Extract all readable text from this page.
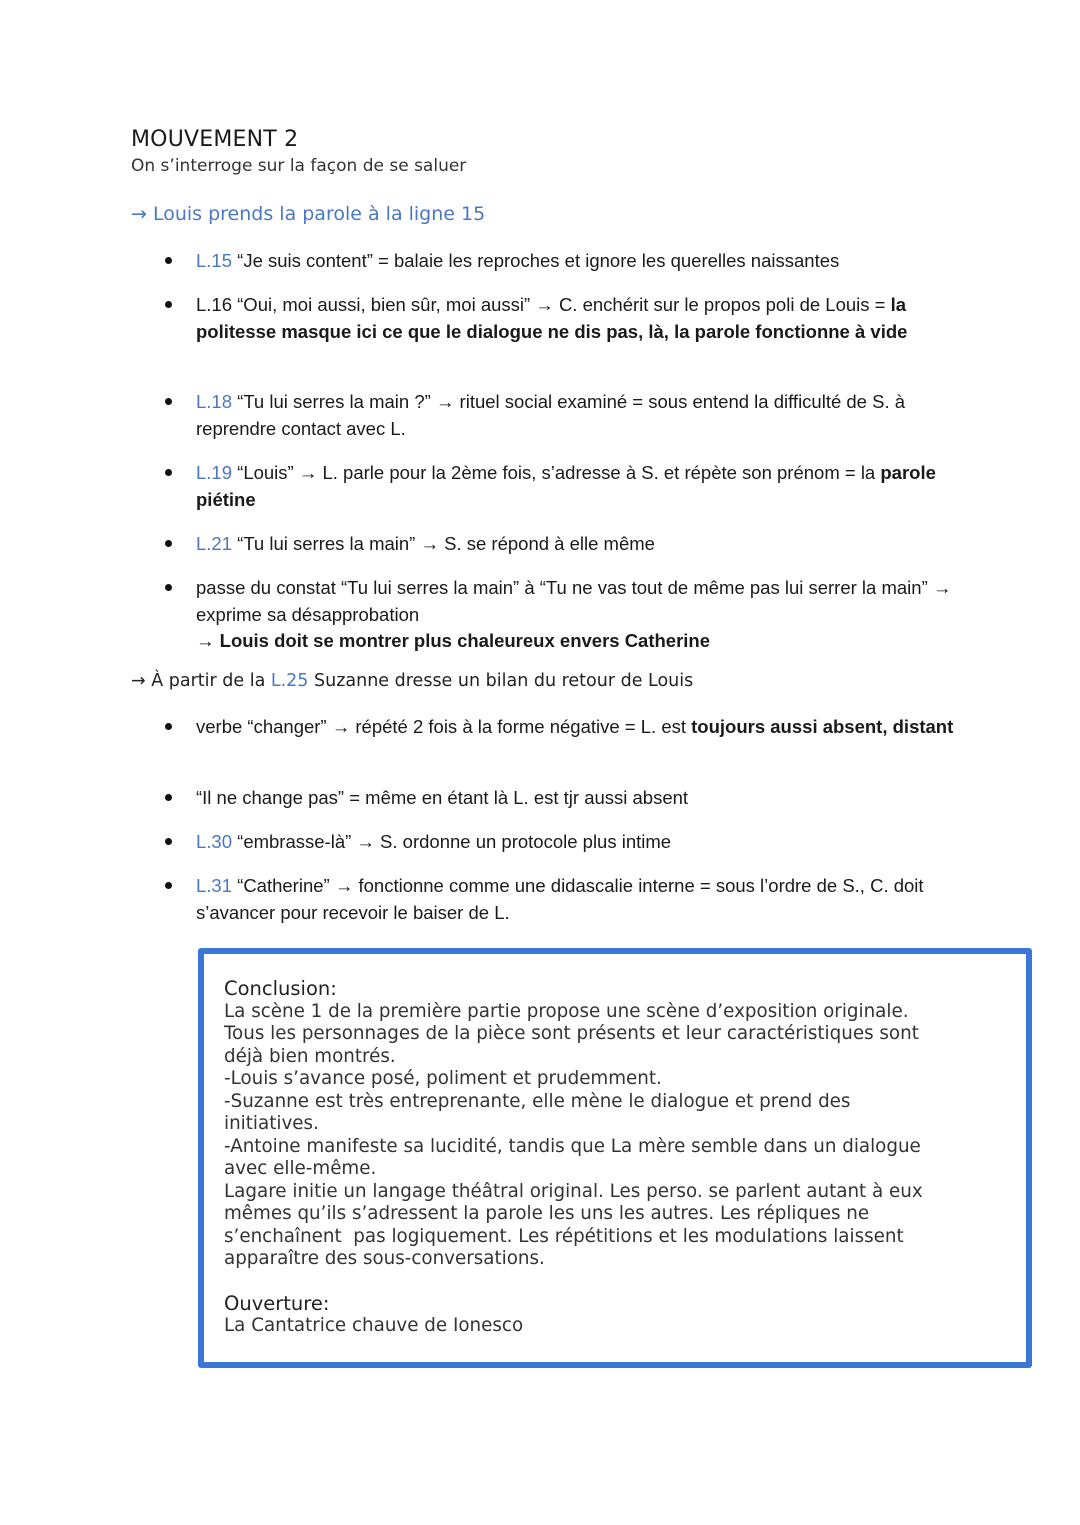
MOUVEMENT 2
On s’interroge sur la façon de se saluer
→ Louis prends la parole à la ligne 15
L.15 “Je suis content” = balaie les reproches et ignore les querelles naissantes
L.16 “Oui, moi aussi, bien sûr, moi aussi” → C. enchérit sur le propos poli de Louis = la politesse masque ici ce que le dialogue ne dis pas, là, la parole fonctionne à vide
L.18 “Tu lui serres la main ?” → rituel social examiné = sous entend la difficulté de S. à reprendre contact avec L.
L.19 “Louis” → L. parle pour la 2ème fois, s’adresse à S. et répète son prénom = la parole piétine
L.21 “Tu lui serres la main” → S. se répond à elle même
passe du constat “Tu lui serres la main” à “Tu ne vas tout de même pas lui serrer la main” → exprime sa désapprobation
→ Louis doit se montrer plus chaleureux envers Catherine
→ À partir de la L.25 Suzanne dresse un bilan du retour de Louis
verbe “changer” → répété 2 fois à la forme négative = L. est toujours aussi absent, distant
“Il ne change pas” = même en étant là L. est tjr aussi absent
L.30 “embrasse-là” → S. ordonne un protocole plus intime
L.31 “Catherine” → fonctionne comme une didascalie interne = sous l’ordre de S., C. doit s’avancer pour recevoir le baiser de L.
Conclusion:
La scène 1 de la première partie propose une scène d’exposition originale.
Tous les personnages de la pièce sont présents et leur caractéristiques sont
déjà bien montrés.
-Louis s’avance posé, poliment et prudemment.
-Suzanne est très entreprenante, elle mène le dialogue et prend des
initiatives.
-Antoine manifeste sa lucidité, tandis que La mère semble dans un dialogue
avec elle-même.
Lagare initie un langage théâtral original. Les perso. se parlent autant à eux
mêmes qu’ils s’adressent la parole les uns les autres. Les répliques ne
s’enchaînent  pas logiquement. Les répétitions et les modulations laissent
apparaître des sous-conversations.
Ouverture:
La Cantatrice chauve de Ionesco
